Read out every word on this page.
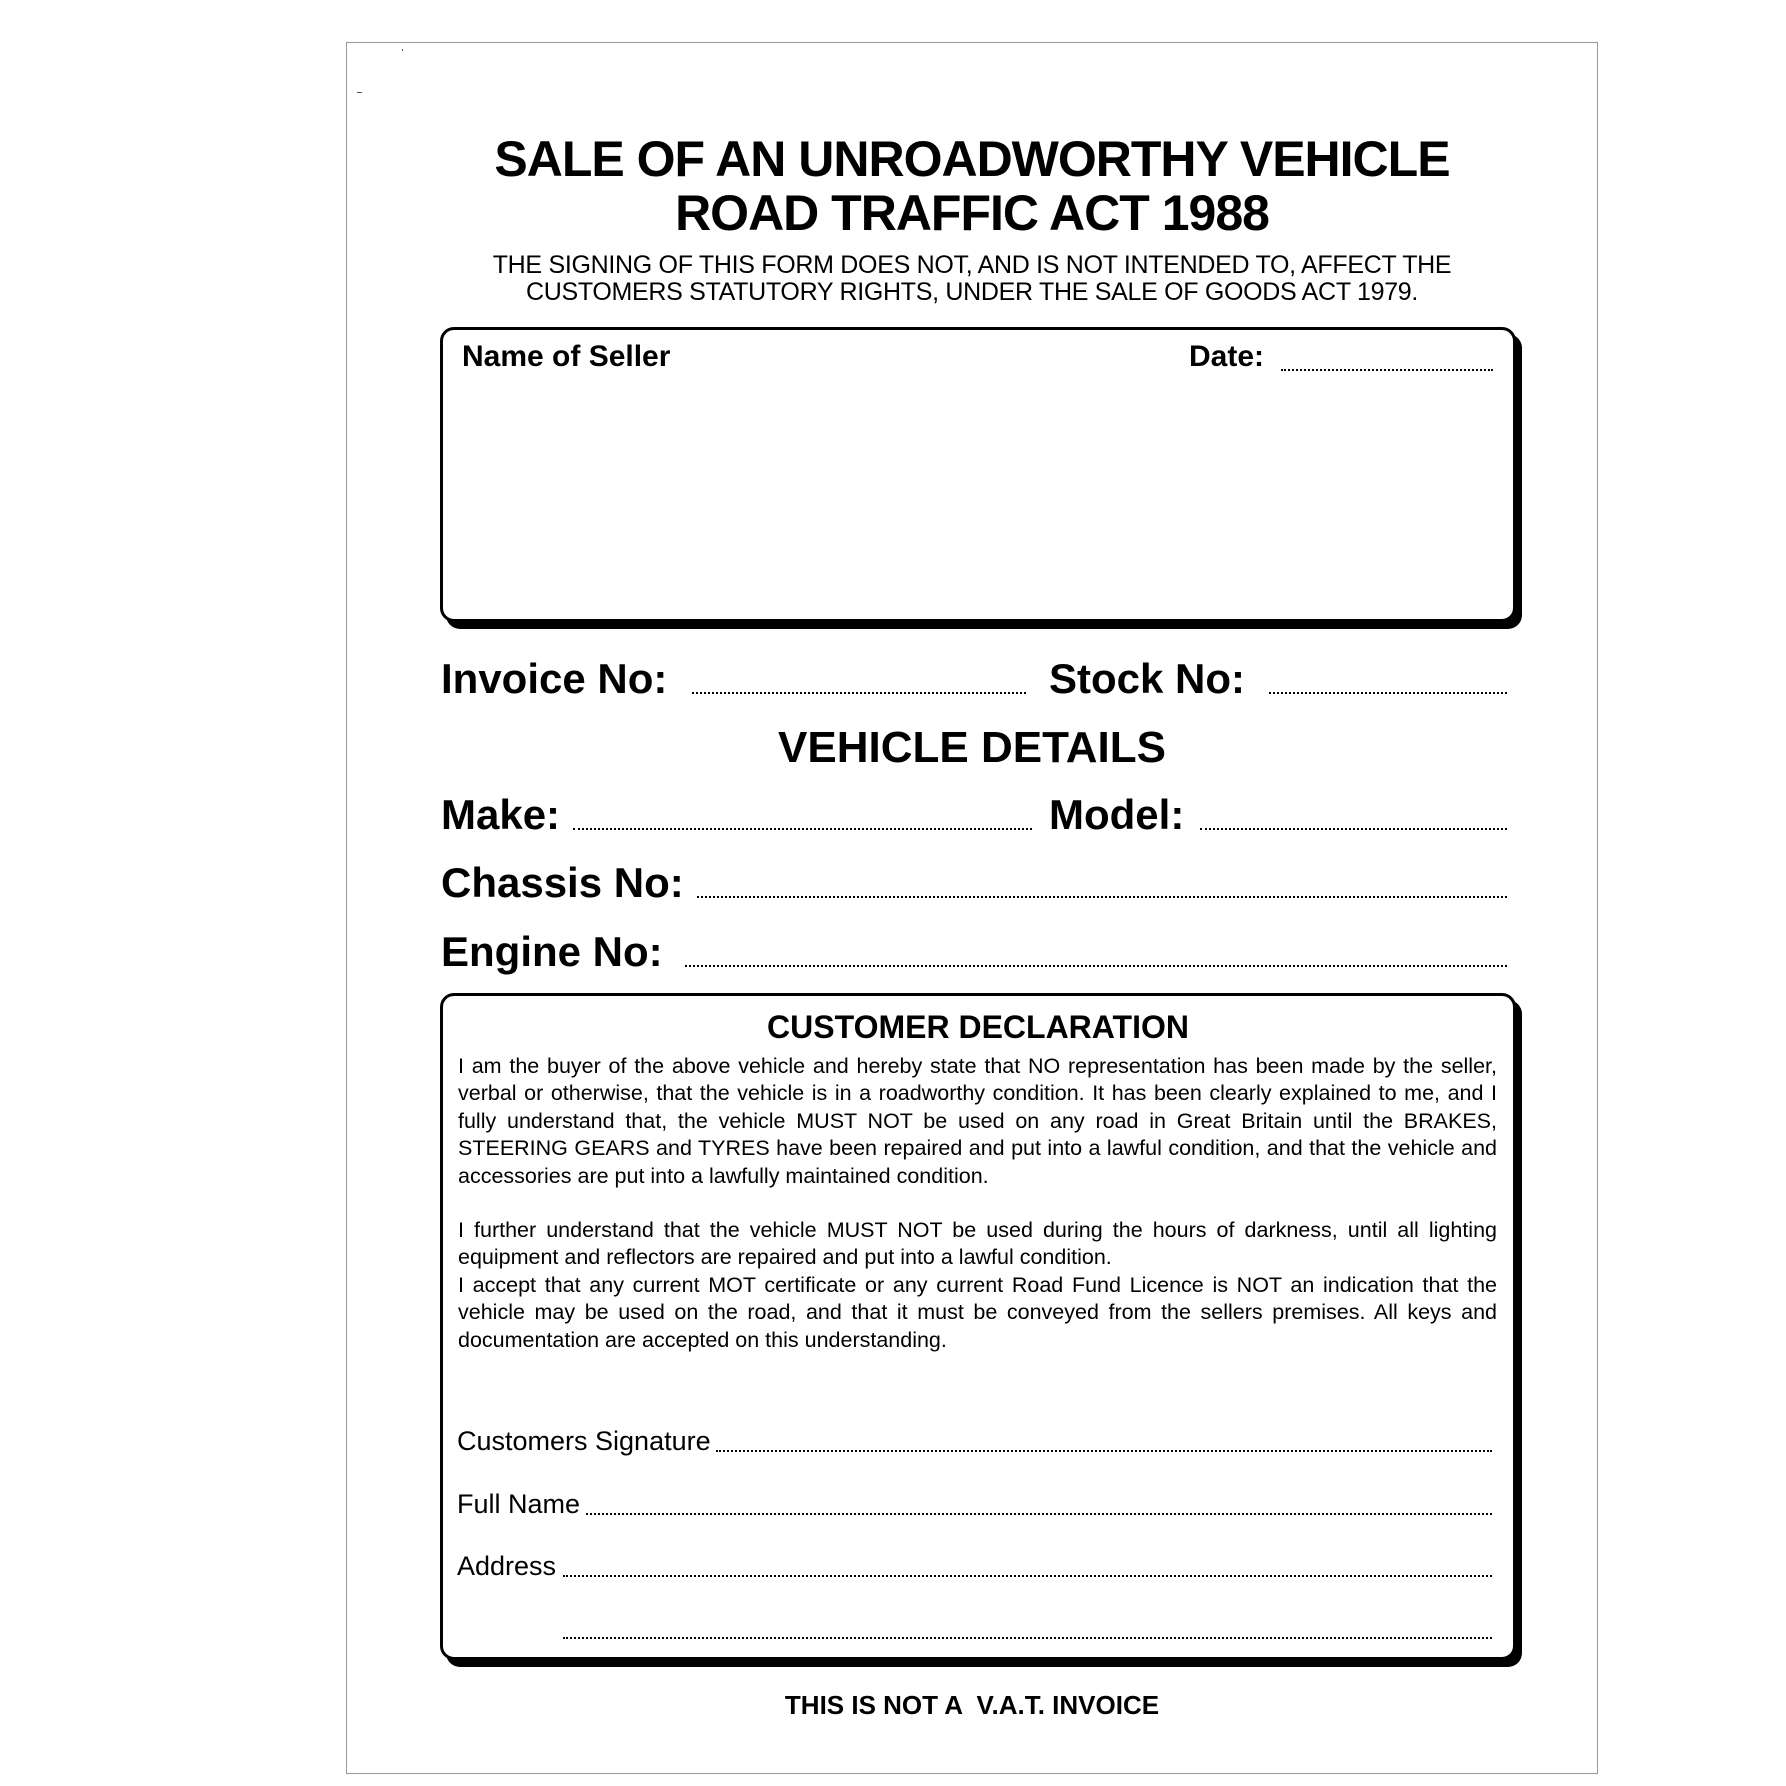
SALE OF AN UNROADWORTHY VEHICLE
ROAD TRAFFIC ACT 1988
THE SIGNING OF THIS FORM DOES NOT, AND IS NOT INTENDED TO, AFFECT THE
CUSTOMERS STATUTORY RIGHTS, UNDER THE SALE OF GOODS ACT 1979.
Name of Seller	Date:
Invoice No:	Stock No:
VEHICLE DETAILS
Make:	Model:
Chassis No:
Engine No:
CUSTOMER DECLARATION

I am the buyer of the above vehicle and hereby state that NO representation has been made by the seller, verbal or otherwise, that the vehicle is in a roadworthy condition. It has been clearly explained to me, and I fully understand that, the vehicle MUST NOT be used on any road in Great Britain until the BRAKES, STEERING GEARS and TYRES have been repaired and put into a lawful condition, and that the vehicle and accessories are put into a lawfully maintained condition.

I further understand that the vehicle MUST NOT be used during the hours of darkness, until all lighting equipment and reflectors are repaired and put into a lawful condition.

I accept that any current MOT certificate or any current Road Fund Licence is NOT an indication that the vehicle may be used on the road, and that it must be conveyed from the sellers premises. All keys and documentation are accepted on this understanding.

Customers Signature
Full Name
Address
THIS IS NOT A  V.A.T. INVOICE
